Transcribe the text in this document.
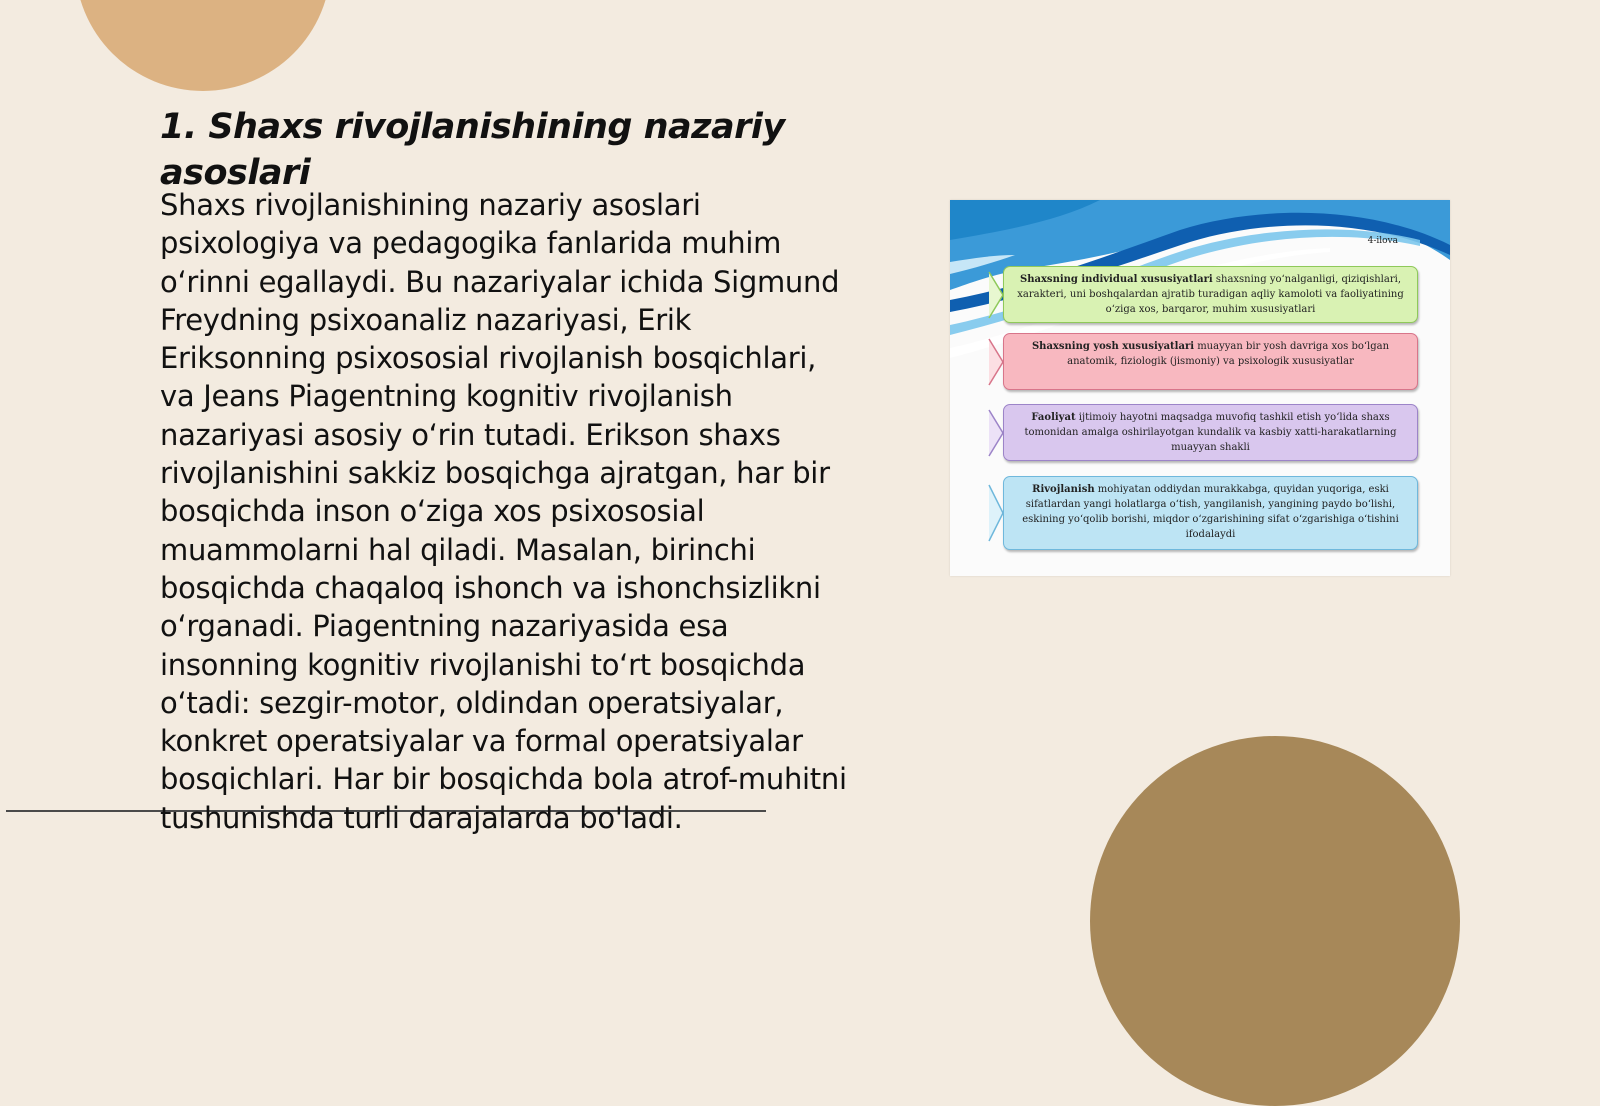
1. Shaxs rivojlanishining nazariy asoslari

Shaxs rivojlanishining nazariy asoslari psixologiya va pedagogika fanlarida muhim o‘rinni egallaydi. Bu nazariyalar ichida Sigmund Freydning psixoanaliz nazariyasi, Erik Eriksonning psixososial rivojlanish bosqichlari, va Jeans Piagentning kognitiv rivojlanish nazariyasi asosiy o‘rin tutadi. Erikson shaxs rivojlanishini sakkiz bosqichga ajratgan, har bir bosqichda inson o‘ziga xos psixososial muammolarni hal qiladi. Masalan, birinchi bosqichda chaqaloq ishonch va ishonchsizlikni o‘rganadi. Piagentning nazariyasida esa insonning kognitiv rivojlanishi to‘rt bosqichda o‘tadi: sezgir-motor, oldindan operatsiyalar, konkret operatsiyalar va formal operatsiyalar bosqichlari. Har bir bosqichda bola atrof-muhitni tushunishda turli darajalarda bo'ladi.

4-ilova

Shaxsning individual xususiyatlari shaxsning yo‘nalganligi, qiziqishlari, xarakteri, uni boshqalardan ajratib turadigan aqliy kamoloti va faoliyatining o‘ziga xos, barqaror, muhim xususiyatlari
Shaxsning yosh xususiyatlari muayyan bir yosh davriga xos bo‘lgan anatomik, fiziologik (jismoniy) va psixologik xususiyatlar
Faoliyat ijtimoiy hayotni maqsadga muvofiq tashkil etish yo‘lida shaxs tomonidan amalga oshirilayotgan kundalik va kasbiy xatti-harakatlarning muayyan shakli
Rivojlanish mohiyatan oddiydan murakkabga, quyidan yuqoriga, eski sifatlardan yangi holatlarga o‘tish, yangilanish, yangining paydo bo‘lishi, eskining yo‘qolib borishi, miqdor o‘zgarishining sifat o‘zgarishiga o‘tishini ifodalaydi
